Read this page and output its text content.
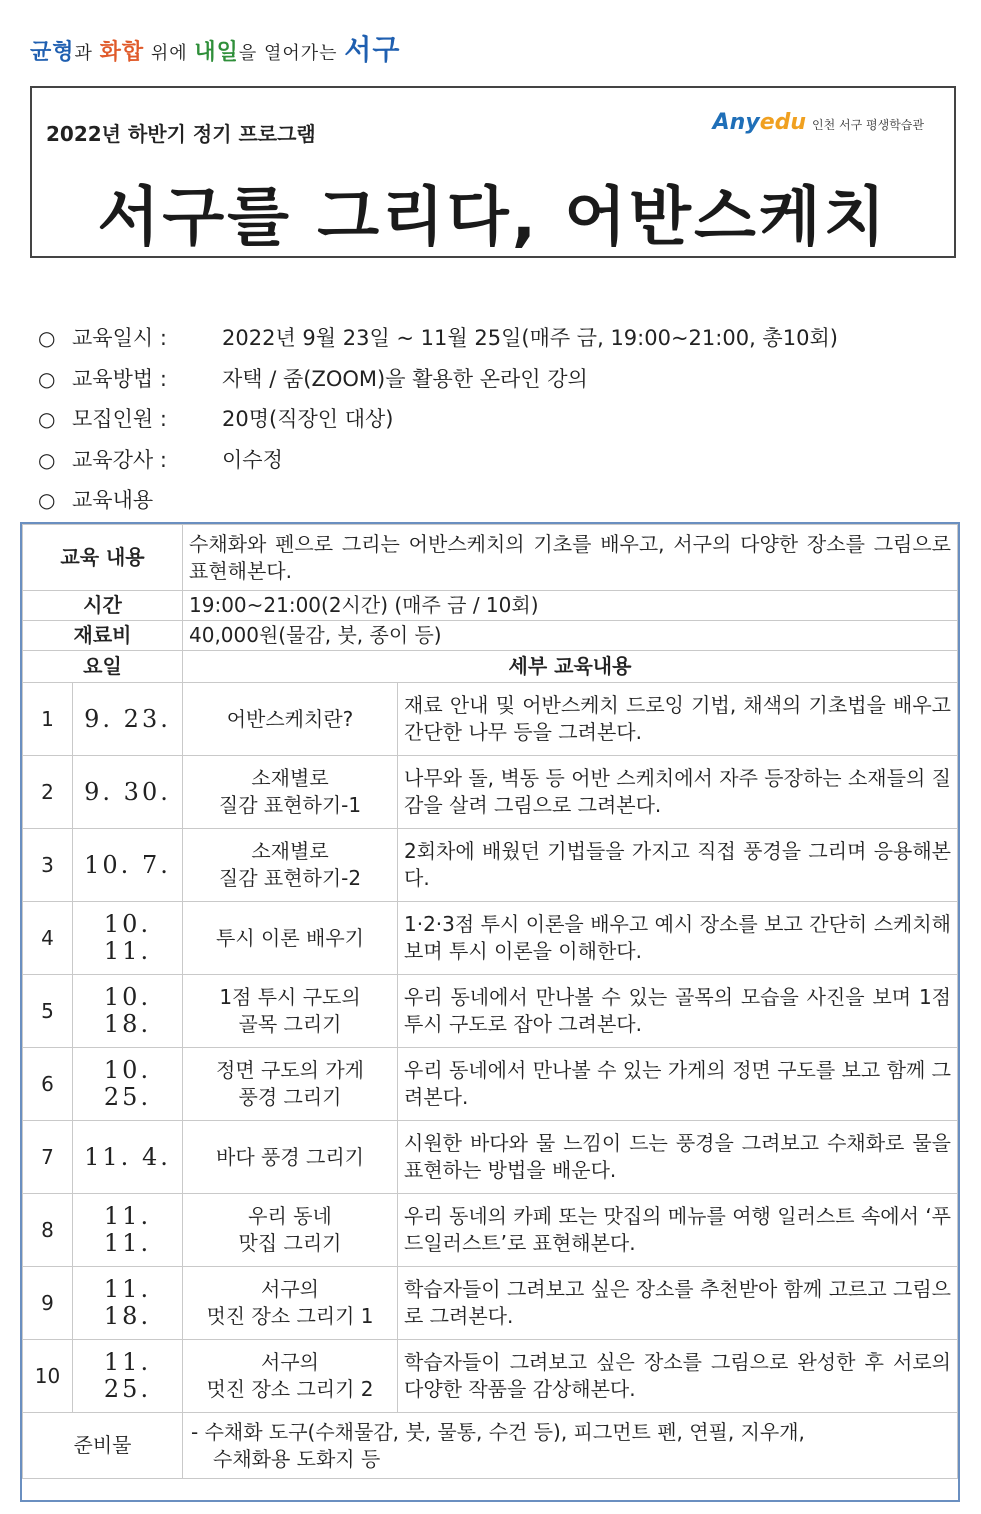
균형과 화합 위에 내일을 열어가는 서구
2022년 하반기 정기 프로그램	Anyedu 인천 서구 평생학습관
서구를 그리다, 어반스케치
○ 교육일시 :	2022년 9월 23일 ~ 11월 25일(매주 금, 19:00~21:00, 총10회)
○ 교육방법 :	자택 / 줌(ZOOM)을 활용한 온라인 강의
○ 모집인원 :	20명(직장인 대상)
○ 교육강사 :	이수정
○ 교육내용
교육 내용		수채화와 펜으로 그리는 어반스케치의 기초를 배우고, 서구의 다양한 장소를 그림으로 표현해본다.	
시간		19:00~21:00(2시간) (매주 금 / 10회)	
재료비		40,000원(물감, 붓, 종이 등)	
요일		세부 교육내용	
1	9. 23.	어반스케치란?	재료 안내 및 어반스케치 드로잉 기법, 채색의 기초법을 배우고 간단한 나무 등을 그려본다.
2	9. 30.	소재별로
질감 표현하기-1	나무와 돌, 벽동 등 어반 스케치에서 자주 등장하는 소재들의 질감을 살려 그림으로 그려본다.
3	10. 7.	소재별로
질감 표현하기-2	2회차에 배웠던 기법들을 가지고 직접 풍경을 그리며 응용해본다.
4	10. 11.	투시 이론 배우기	1·2·3점 투시 이론을 배우고 예시 장소를 보고 간단히 스케치해보며 투시 이론을 이해한다.
5	10. 18.	1점 투시 구도의
골목 그리기	우리 동네에서 만나볼 수 있는 골목의 모습을 사진을 보며 1점 투시 구도로 잡아 그려본다.
6	10. 25.	정면 구도의 가게
풍경 그리기	우리 동네에서 만나볼 수 있는 가게의 정면 구도를 보고 함께 그려본다.
7	11. 4.	바다 풍경 그리기	시원한 바다와 물 느낌이 드는 풍경을 그려보고 수채화로 물을 표현하는 방법을 배운다.
8	11. 11.	우리 동네
맛집 그리기	우리 동네의 카페 또는 맛집의 메뉴를 여행 일러스트 속에서 ‘푸드일러스트’로 표현해본다.
9	11. 18.	서구의
멋진 장소 그리기 1	학습자들이 그려보고 싶은 장소를 추천받아 함께 고르고 그림으로 그려본다.
10	11. 25.	서구의
멋진 장소 그리기 2	학습자들이 그려보고 싶은 장소를 그림으로 완성한 후 서로의 다양한 작품을 감상해본다.
준비물		- 수채화 도구(수채물감, 붓, 물통, 수건 등), 피그먼트 펜, 연필, 지우개,
수채화용 도화지 등	
